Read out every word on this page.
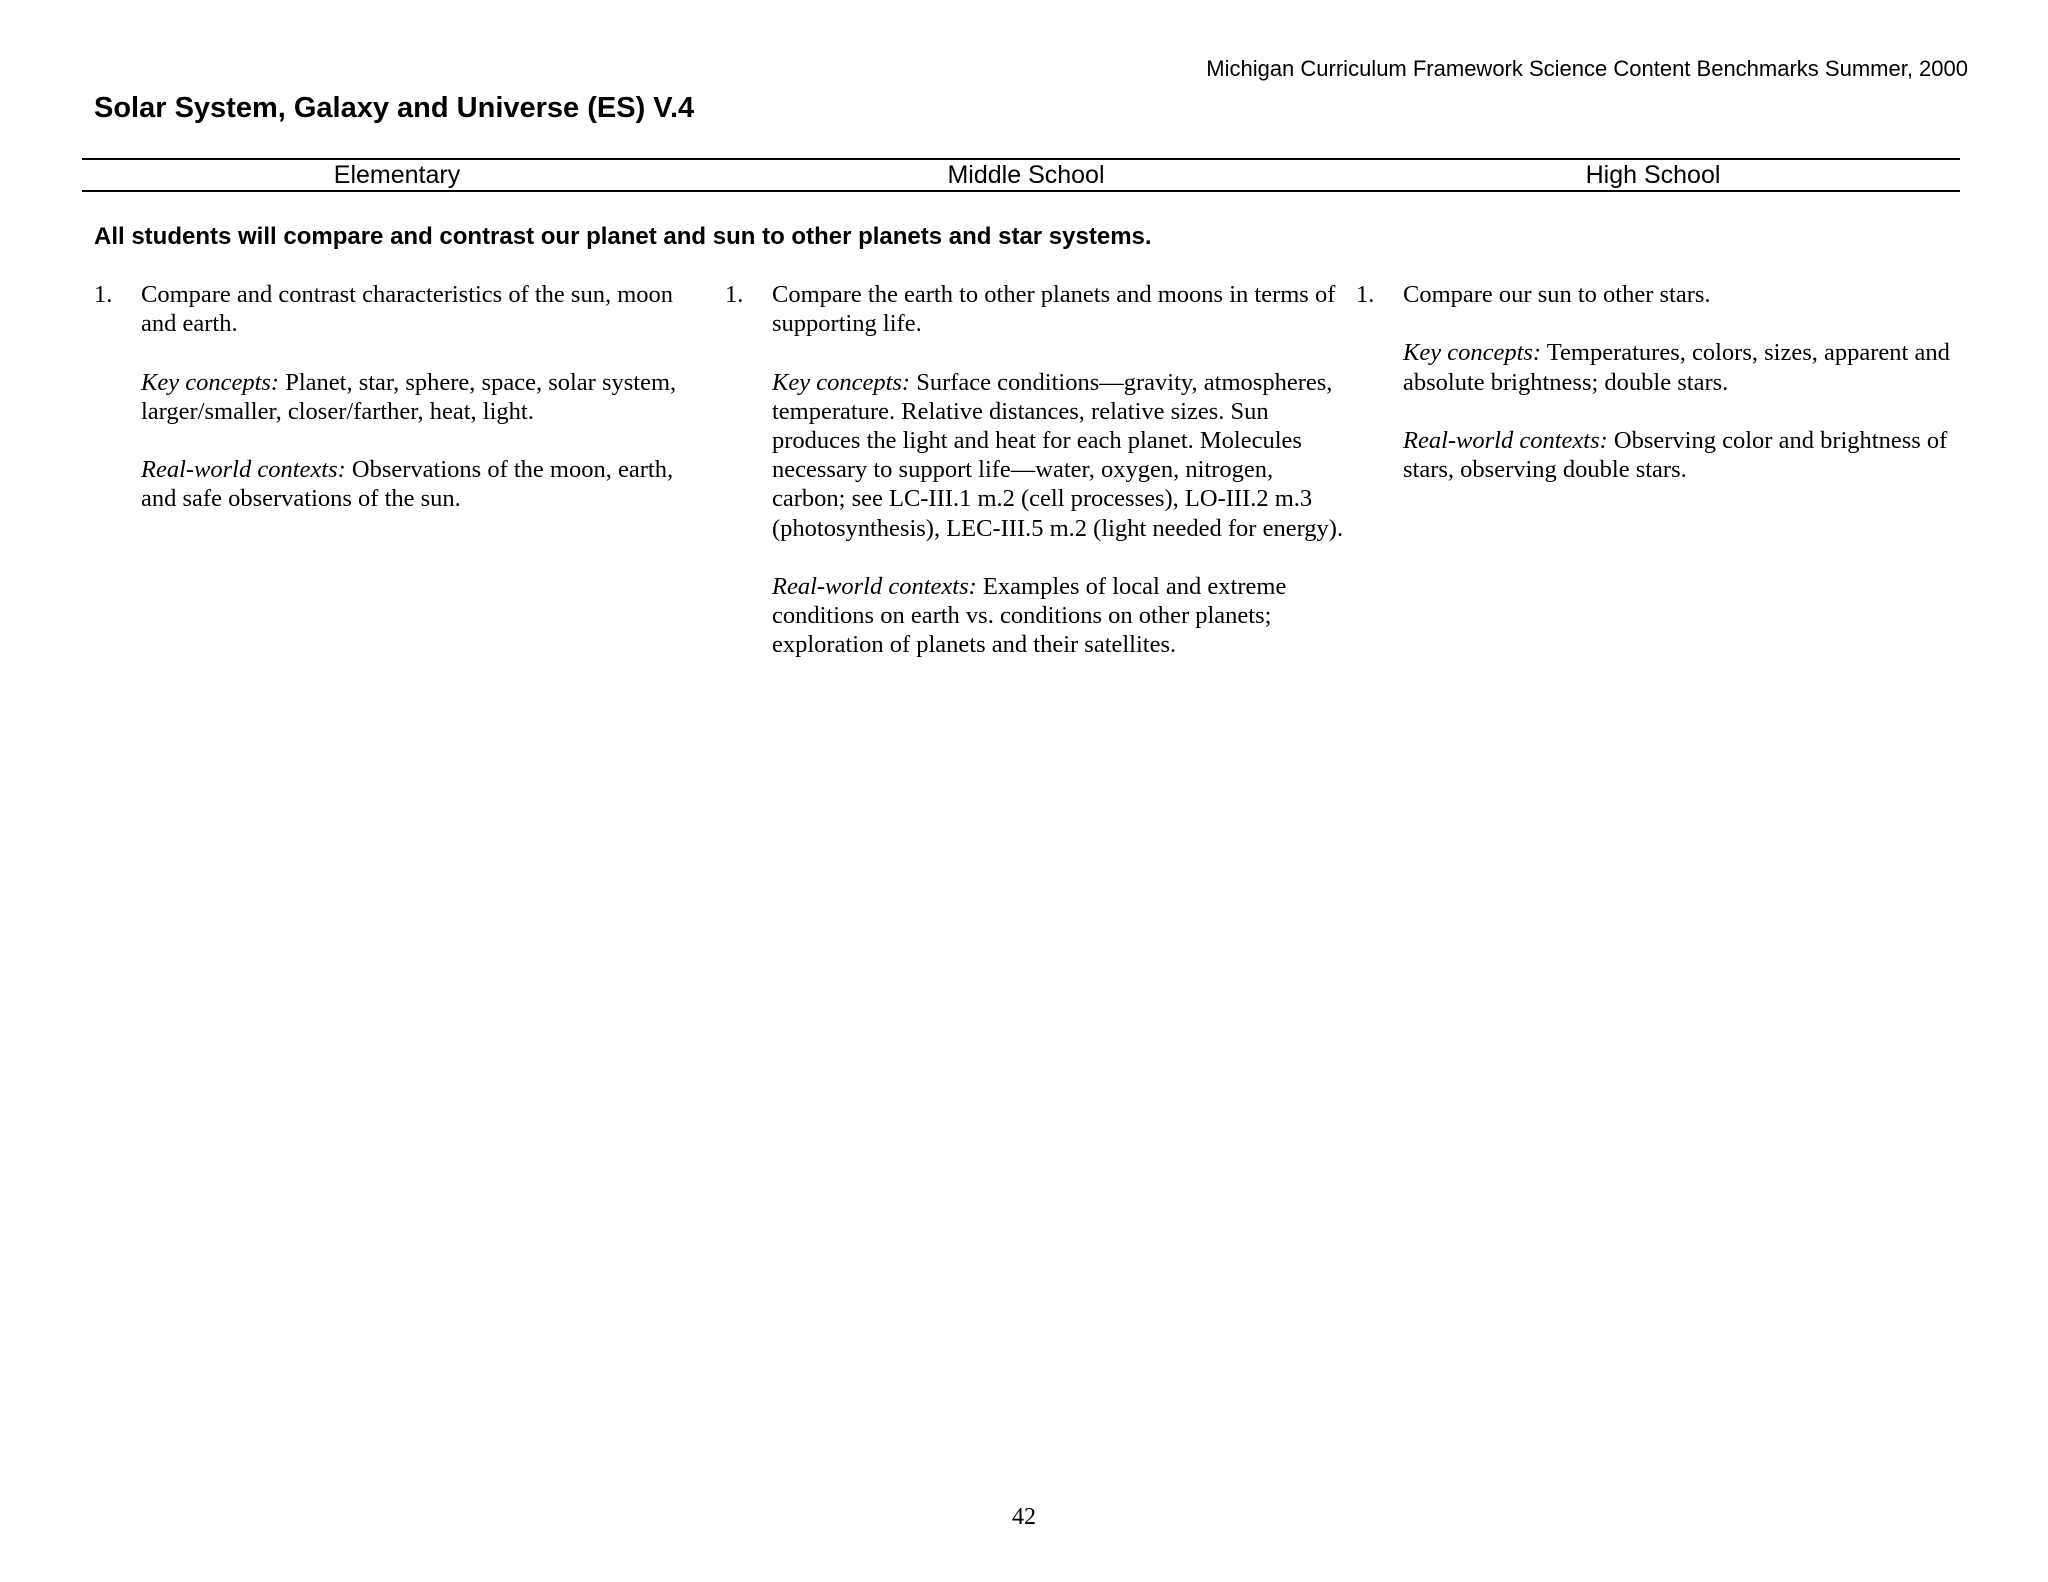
Michigan Curriculum Framework Science Content Benchmarks Summer, 2000
Solar System, Galaxy and Universe (ES) V.4
Elementary	Middle School	High School

All students will compare and contrast our planet and sun to other planets and star systems.

1. Compare and contrast characteristics of the sun, moon and earth.

Key concepts: Planet, star, sphere, space, solar system, larger/smaller, closer/farther, heat, light.

Real-world contexts: Observations of the moon, earth, and safe observations of the sun.

1. Compare the earth to other planets and moons in terms of supporting life.

Key concepts: Surface conditions—gravity, atmospheres, temperature. Relative distances, relative sizes. Sun produces the light and heat for each planet. Molecules necessary to support life—water, oxygen, nitrogen, carbon; see LC-III.1 m.2 (cell processes), LO-III.2 m.3 (photosynthesis), LEC-III.5 m.2 (light needed for energy).

Real-world contexts: Examples of local and extreme conditions on earth vs. conditions on other planets; exploration of planets and their satellites.

1. Compare our sun to other stars.

Key concepts: Temperatures, colors, sizes, apparent and absolute brightness; double stars.

Real-world contexts: Observing color and brightness of stars, observing double stars.

42
